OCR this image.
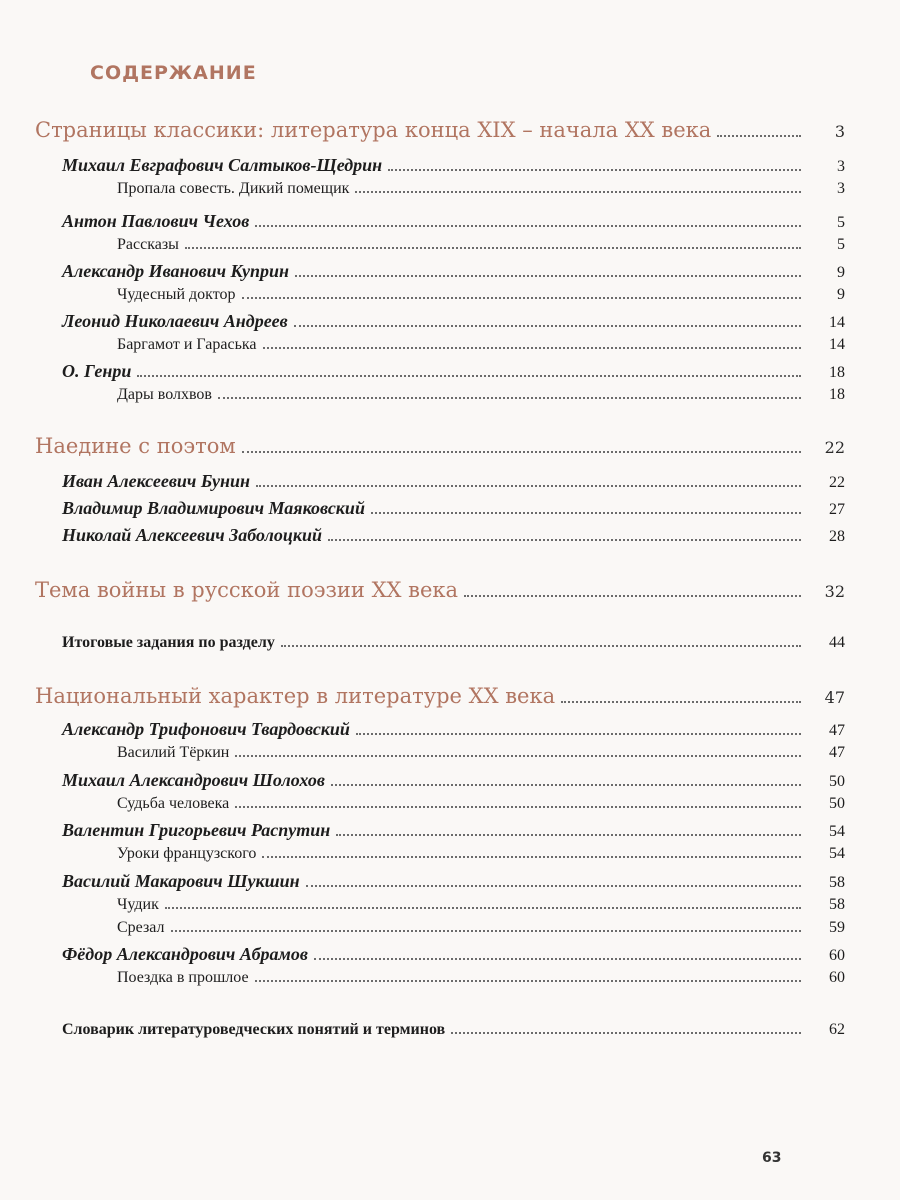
СОДЕРЖАНИЕ
Страницы классики: литература конца XIX – начала XX века	3
Михаил Евграфович Салтыков-Щедрин	3
Пропала совесть. Дикий помещик	3
Антон Павлович Чехов	5
Рассказы	5
Александр Иванович Куприн	9
Чудесный доктор	9
Леонид Николаевич Андреев	14
Баргамот и Гараська	14
О. Генри	18
Дары волхвов	18
Наедине с поэтом	22
Иван Алексеевич Бунин	22
Владимир Владимирович Маяковский	27
Николай Алексеевич Заболоцкий	28
Тема войны в русской поэзии XX века	32
Итоговые задания по разделу	44
Национальный характер в литературе XX века	47
Александр Трифонович Твардовский	47
Василий Тёркин	47
Михаил Александрович Шолохов	50
Судьба человека	50
Валентин Григорьевич Распутин	54
Уроки французского	54
Василий Макарович Шукшин	58
Чудик	58
Срезал	59
Фёдор Александрович Абрамов	60
Поездка в прошлое	60
Словарик литературоведческих понятий и терминов	62
63
